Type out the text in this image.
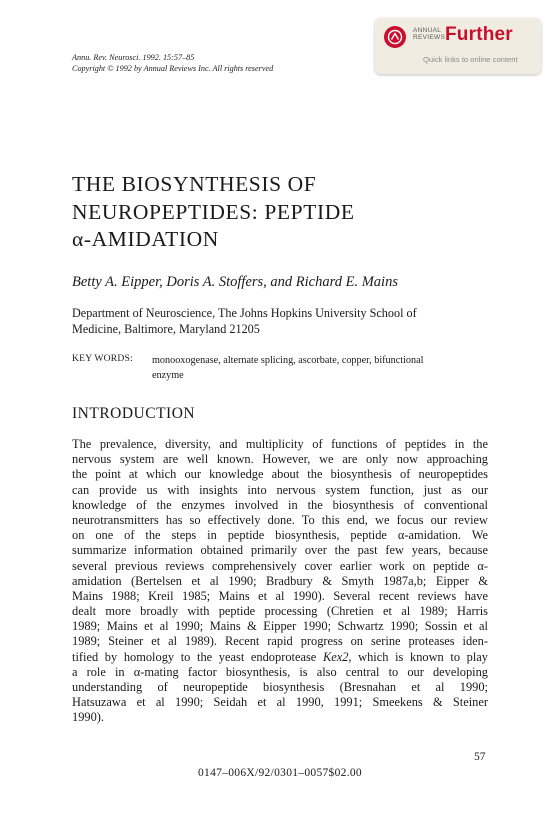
Annu. Rev. Neurosci. 1992. 15:57–85
Copyright © 1992 by Annual Reviews Inc. All rights reserved
ANNUAL
REVIEWS Further
Quick links to online content
THE BIOSYNTHESIS OF
NEUROPEPTIDES: PEPTIDE
α-AMIDATION
Betty A. Eipper, Doris A. Stoffers, and Richard E. Mains
Department of Neuroscience, The Johns Hopkins University School of
Medicine, Baltimore, Maryland 21205
KEY WORDS: monooxogenase, alternate splicing, ascorbate, copper, bifunctional
enzyme
INTRODUCTION
The prevalence, diversity, and multiplicity of functions of peptides in the
nervous system are well known. However, we are only now approaching
the point at which our knowledge about the biosynthesis of neuropeptides
can provide us with insights into nervous system function, just as our
knowledge of the enzymes involved in the biosynthesis of conventional
neurotransmitters has so effectively done. To this end, we focus our review
on one of the steps in peptide biosynthesis, peptide α-amidation. We
summarize information obtained primarily over the past few years, because
several previous reviews comprehensively cover earlier work on peptide α-
amidation (Bertelsen et al 1990; Bradbury & Smyth 1987a,b; Eipper &
Mains 1988; Kreil 1985; Mains et al 1990). Several recent reviews have
dealt more broadly with peptide processing (Chretien et al 1989; Harris
1989; Mains et al 1990; Mains & Eipper 1990; Schwartz 1990; Sossin et al
1989; Steiner et al 1989). Recent rapid progress on serine proteases iden-
tified by homology to the yeast endoprotease Kex2, which is known to play
a role in α-mating factor biosynthesis, is also central to our developing
understanding of neuropeptide biosynthesis (Bresnahan et al 1990;
Hatsuzawa et al 1990; Seidah et al 1990, 1991; Smeekens & Steiner
1990).
57
0147–006X/92/0301–0057$02.00
